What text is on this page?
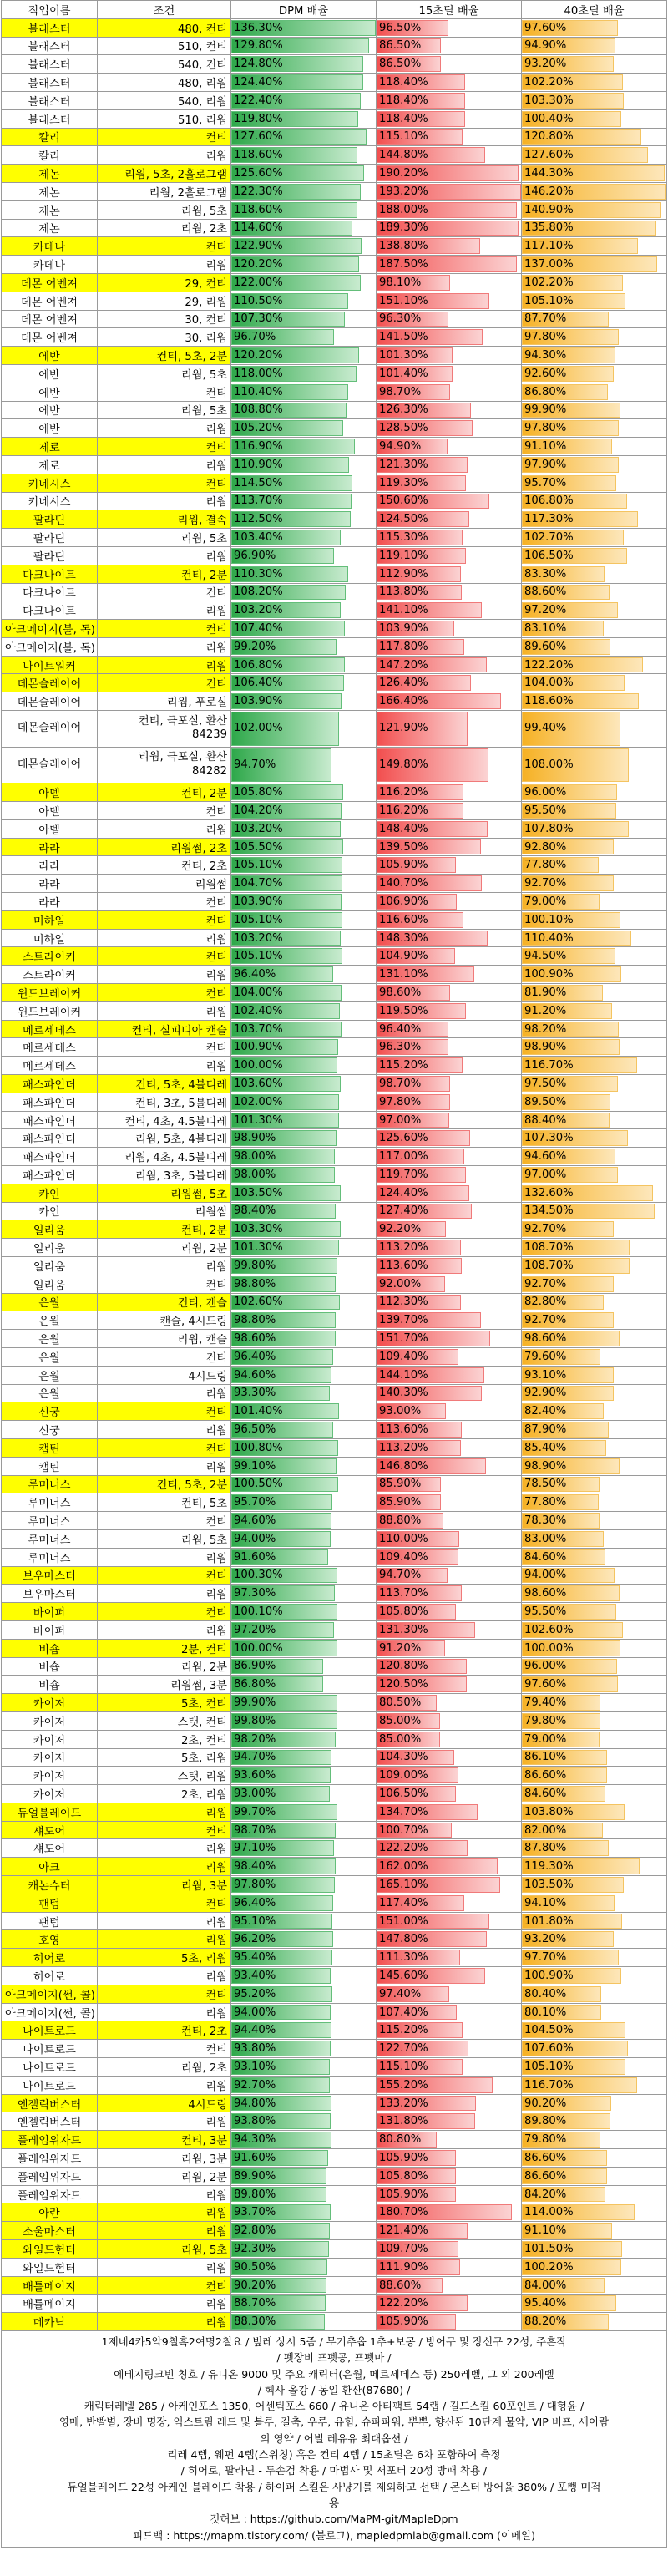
직업이름	조건	DPM 배율	15초딜 배율	40초딜 배율
블래스터	480, 컨티	136.30%	96.50%	97.60%
블래스터	510, 컨티	129.80%	86.50%	94.90%
블래스터	540, 컨티	124.80%	86.50%	93.20%
블래스터	480, 리웜	124.40%	118.40%	102.20%
블래스터	540, 리웜	122.40%	118.40%	103.30%
블래스터	510, 리웜	119.80%	118.40%	100.40%
칼리	컨티	127.60%	115.10%	120.80%
칼리	리웜	118.60%	144.80%	127.60%
제논	리웜, 5초, 2홀로그램	125.60%	190.20%	144.30%
제논	리웜, 2홀로그램	122.30%	193.20%	146.20%
제논	리웜, 5초	118.60%	188.00%	140.90%
제논	리웜, 2초	114.60%	189.30%	135.80%
카데나	컨티	122.90%	138.80%	117.10%
카데나	리웜	120.20%	187.50%	137.00%
데몬 어벤져	29, 컨티	122.00%	98.10%	102.20%
데몬 어벤져	29, 리웜	110.50%	151.10%	105.10%
데몬 어벤져	30, 컨티	107.30%	96.30%	87.70%
데몬 어벤져	30, 리웜	96.70%	141.50%	97.80%
에반	컨티, 5초, 2분	120.20%	101.30%	94.30%
에반	리웜, 5초	118.00%	101.40%	92.60%
에반	컨티	110.40%	98.70%	86.80%
에반	리웜, 5초	108.80%	126.30%	99.90%
에반	리웜	105.20%	128.50%	97.80%
제로	컨티	116.90%	94.90%	91.10%
제로	리웜	110.90%	121.30%	97.90%
키네시스	컨티	114.50%	119.30%	95.70%
키네시스	리웜	113.70%	150.60%	106.80%
팔라딘	리웜, 결속	112.50%	124.50%	117.30%
팔라딘	리웜, 5초	103.40%	115.30%	102.70%
팔라딘	리웜	96.90%	119.10%	106.50%
다크나이트	컨티, 2분	110.30%	112.90%	83.30%
다크나이트	컨티	108.20%	113.80%	88.60%
다크나이트	리웜	103.20%	141.10%	97.20%
아크메이지(불, 독)	컨티	107.40%	103.90%	83.10%
아크메이지(불, 독)	리웜	99.20%	117.80%	89.60%
나이트워커	리웜	106.80%	147.20%	122.20%
데몬슬레이어	컨티	106.40%	126.40%	104.00%
데몬슬레이어	리웜, 푸로실	103.90%	166.40%	118.60%
데몬슬레이어	컨티, 극포실, 환산 84239	102.00%	121.90%	99.40%
데몬슬레이어	리웜, 극포실, 환산 84282	94.70%	149.80%	108.00%
아델	컨티, 2분	105.80%	116.20%	96.00%
아델	컨티	104.20%	116.20%	95.50%
아델	리웜	103.20%	148.40%	107.80%
라라	리웜썸, 2초	105.50%	139.50%	92.80%
라라	컨티, 2초	105.10%	105.90%	77.80%
라라	리웜썸	104.70%	140.70%	92.70%
라라	컨티	103.90%	106.90%	79.00%
미하일	컨티	105.10%	116.60%	100.10%
미하일	리웜	103.20%	148.30%	110.40%
스트라이커	컨티	105.10%	104.90%	94.50%
스트라이커	리웜	96.40%	131.10%	100.90%
윈드브레이커	컨티	104.00%	98.60%	81.90%
윈드브레이커	리웜	102.40%	119.50%	91.20%
메르세데스	컨티, 실피디아 캔슬	103.70%	96.40%	98.20%
메르세데스	컨티	100.90%	96.30%	98.90%
메르세데스	리웜	100.00%	115.20%	116.70%
패스파인더	컨티, 5초, 4블디레	103.60%	98.70%	97.50%
패스파인더	컨티, 3초, 5블디레	102.00%	97.80%	89.50%
패스파인더	컨티, 4초, 4.5블디레	101.30%	97.00%	88.40%
패스파인더	리웜, 5초, 4블디레	98.90%	125.60%	107.30%
패스파인더	리웜, 4초, 4.5블디레	98.00%	117.00%	94.60%
패스파인더	리웜, 3초, 5블디레	98.00%	119.70%	97.00%
카인	리웜썸, 5초	103.50%	124.40%	132.60%
카인	리웜썸	98.40%	127.40%	134.50%
일리움	컨티, 2분	103.30%	92.20%	92.70%
일리움	리웜, 2분	101.30%	113.20%	108.70%
일리움	리웜	99.80%	113.60%	108.70%
일리움	컨티	98.80%	92.00%	92.70%
은월	컨티, 캔슬	102.60%	112.30%	82.80%
은월	캔슬, 4시드링	98.80%	139.70%	92.70%
은월	리웜, 캔슬	98.60%	151.70%	98.60%
은월	컨티	96.40%	109.40%	79.60%
은월	4시드링	94.60%	144.10%	93.10%
은월	리웜	93.30%	140.30%	92.90%
신궁	컨티	101.40%	93.00%	82.40%
신궁	리웜	96.50%	113.60%	87.90%
캡틴	컨티	100.80%	113.20%	85.40%
캡틴	리웜	99.10%	146.80%	98.90%
루미너스	컨티, 5초, 2분	100.50%	85.90%	78.50%
루미너스	컨티, 5초	95.70%	85.90%	77.80%
루미너스	컨티	94.60%	88.80%	78.30%
루미너스	리웜, 5초	94.00%	110.00%	83.00%
루미너스	리웜	91.60%	109.40%	84.60%
보우마스터	컨티	100.30%	94.70%	94.00%
보우마스터	리웜	97.30%	113.70%	98.60%
바이퍼	컨티	100.10%	105.80%	95.50%
바이퍼	리웜	97.20%	131.30%	102.60%
비숍	2분, 컨티	100.00%	91.20%	100.00%
비숍	리웜, 2분	86.90%	120.80%	96.00%
비숍	리웜썸, 3분	86.80%	120.50%	97.60%
카이저	5초, 컨티	99.90%	80.50%	79.40%
카이저	스탯, 컨티	99.80%	85.00%	79.80%
카이저	2초, 컨티	98.20%	85.00%	79.00%
카이저	5초, 리웜	94.70%	104.30%	86.10%
카이저	스탯, 리웜	93.60%	109.00%	86.60%
카이저	2초, 리웜	93.00%	106.50%	84.60%
듀얼블레이드	리웜	99.70%	134.70%	103.80%
섀도어	컨티	98.70%	100.70%	82.00%
섀도어	리웜	97.10%	122.20%	87.80%
아크	리웜	98.40%	162.00%	119.30%
캐논슈터	리웜, 3분	97.80%	165.10%	103.50%
팬텀	컨티	96.40%	117.40%	94.10%
팬텀	리웜	95.10%	151.00%	101.80%
호영	리웜	96.20%	147.80%	93.20%
히어로	5초, 리웜	95.40%	111.30%	97.70%
히어로	리웜	93.40%	145.60%	100.90%
아크메이지(썬, 콜)	컨티	95.20%	97.40%	80.40%
아크메이지(썬, 콜)	리웜	94.00%	107.40%	80.10%
나이트로드	컨티, 2초	94.40%	115.20%	104.50%
나이트로드	컨티	93.80%	122.70%	107.60%
나이트로드	리웜, 2초	93.10%	115.10%	105.10%
나이트로드	리웜	92.70%	155.20%	116.70%
엔젤릭버스터	4시드링	94.80%	133.20%	90.20%
엔젤릭버스터	리웜	93.80%	131.80%	89.80%
플레임위자드	컨티, 3분	94.30%	80.80%	79.80%
플레임위자드	리웜, 3분	91.60%	105.90%	86.60%
플레임위자드	리웜, 2분	89.90%	105.80%	86.60%
플레임위자드	리웜	89.80%	105.90%	84.20%
아란	리웜	93.70%	180.70%	114.00%
소울마스터	리웜	92.80%	121.40%	91.10%
와일드헌터	리웜, 5초	92.30%	109.70%	101.50%
와일드헌터	리웜	90.50%	111.90%	100.20%
배틀메이지	컨티	90.20%	88.60%	84.00%
배틀메이지	리웜	88.70%	122.20%	95.40%
메카닉	리웜	88.30%	105.90%	88.20%
1제네4카5앜9칠흑2여명2칠요 / 벞레 상시 5줌 / 무기추옵 1추+보공 / 방어구 및 장신구 22성, 주흔작
/ 펫장비 프펫공, 프펫마 /
에테지링크빈 칭호 / 유니온 9000 및 주요 캐릭터(은월, 메르세데스 등) 250레벨, 그 외 200레벨
/ 헥사 올강 / 동일 환산(87680) /
캐릭터레벨 285 / 아케인포스 1350, 어센틱포스 660 / 유니온 아티팩트 54랩 / 길드스킬 60포인트 / 대형윤 /
영메, 반빨별, 장비 명장, 익스트림 레드 및 블루, 길축, 우루, 유힘, 슈파파워, 뿌뿌, 향산된 10단계 물약, VIP 버프, 세이람
의 영약 / 어빌 레유유 최대옵션 /
리레 4렙, 웨펀 4렙(스위칭) 혹은 컨티 4렙 / 15초딜은 6차 포함하여 측정
/ 히어로, 팔라딘 - 두손검 착용 / 마법사 및 서포터 20성 방패 착용 /
듀얼블레이드 22성 아케인 블레이드 착용 / 하이퍼 스킬은 사냥기를 제외하고 선택 / 몬스터 방어율 380% / 포뻥 미적
용
깃허브 : https://github.com/MaPM-git/MapleDpm
피드백 : https://mapm.tistory.com/ (블로그), mapledpmlab@gmail.com (이메일)
